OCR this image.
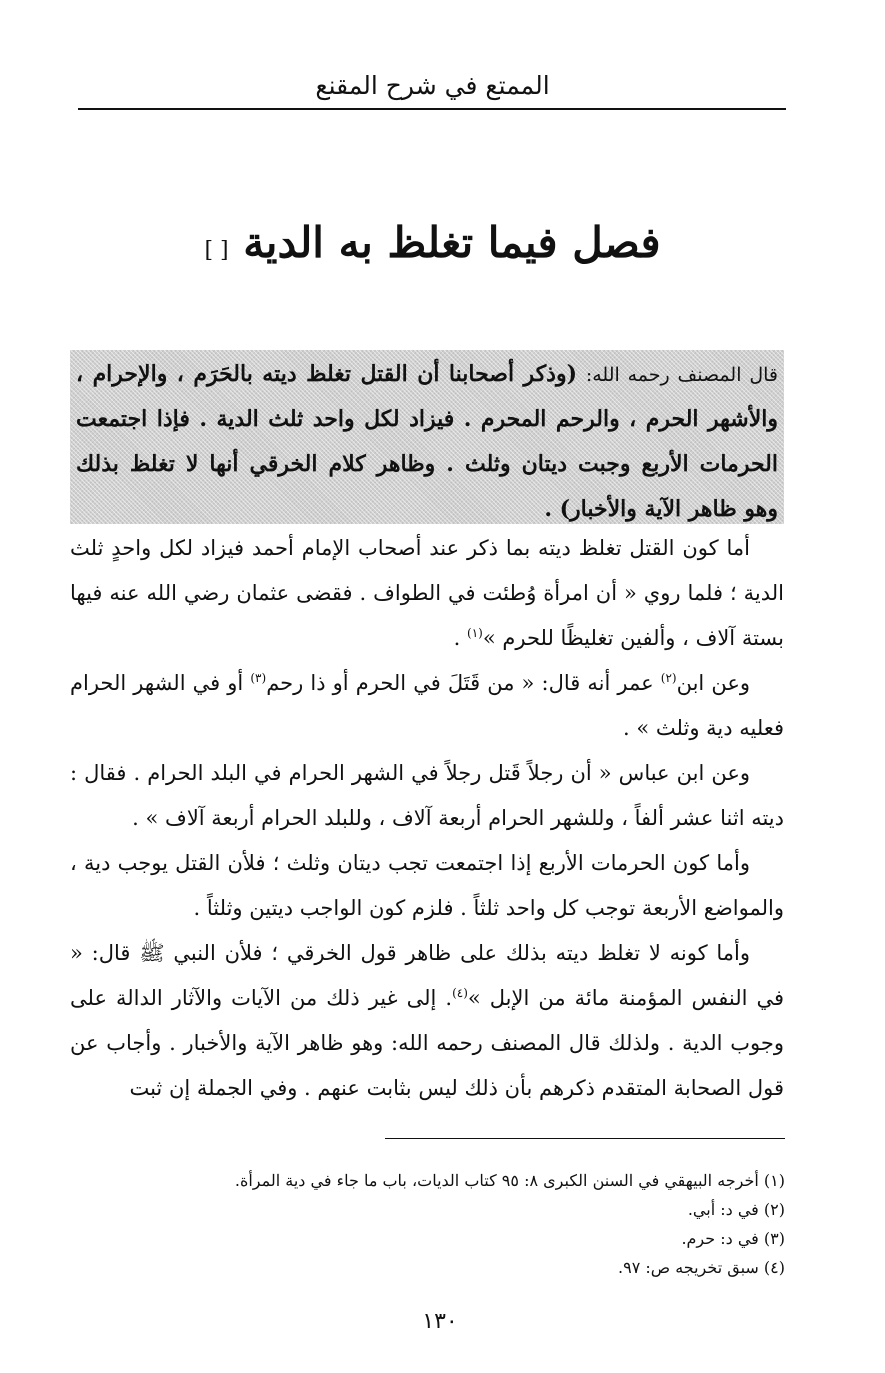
الممتع في شرح المقنع
فصل فيما تغلظ به الدية [ ]
قال المصنف رحمه الله: (وذكر أصحابنا أن القتل تغلظ ديته بالحَرَم ، والإحرام ، والأشهر الحرم ، والرحم المحرم . فيزاد لكل واحد ثلث الدية . فإذا اجتمعت الحرمات الأربع وجبت ديتان وثلث . وظاهر كلام الخرقي أنها لا تغلظ بذلك وهو ظاهر الآية والأخبار) .

أما كون القتل تغلظ ديته بما ذكر عند أصحاب الإمام أحمد فيزاد لكل واحدٍ ثلث الدية ؛ فلما روي « أن امرأة وُطئت في الطواف . فقضى عثمان رضي الله عنه فيها بستة آلاف ، وألفين تغليظًا للحرم »$^{(١)}$ .

وعن ابن$^{(٢)}$ عمر أنه قال: « من قَتَلَ في الحرم أو ذا رحم$^{(٣)}$ أو في الشهر الحرام فعليه دية وثلث » .

وعن ابن عباس « أن رجلاً قَتل رجلاً في الشهر الحرام في البلد الحرام . فقال : ديته اثنا عشر ألفاً ، وللشهر الحرام أربعة آلاف ، وللبلد الحرام أربعة آلاف » .

وأما كون الحرمات الأربع إذا اجتمعت تجب ديتان وثلث ؛ فلأن القتل يوجب دية ، والمواضع الأربعة توجب كل واحد ثلثاً . فلزم كون الواجب ديتين وثلثاً .

وأما كونه لا تغلظ ديته بذلك على ظاهر قول الخرقي ؛ فلأن النبي ﷺ قال: « في النفس المؤمنة مائة من الإبل »$^{(٤)}$. إلى غير ذلك من الآيات والآثار الدالة على وجوب الدية . ولذلك قال المصنف رحمه الله: وهو ظاهر الآية والأخبار . وأجاب عن قول الصحابة المتقدم ذكرهم بأن ذلك ليس بثابت عنهم . وفي الجملة إن ثبت

(١) أخرجه البيهقي في السنن الكبرى ٨: ٩٥ كتاب الديات، باب ما جاء في دية المرأة.

(٢) في د: أبي.

(٣) في د: حرم.

(٤) سبق تخريجه ص: ٩٧.

١٣٠
